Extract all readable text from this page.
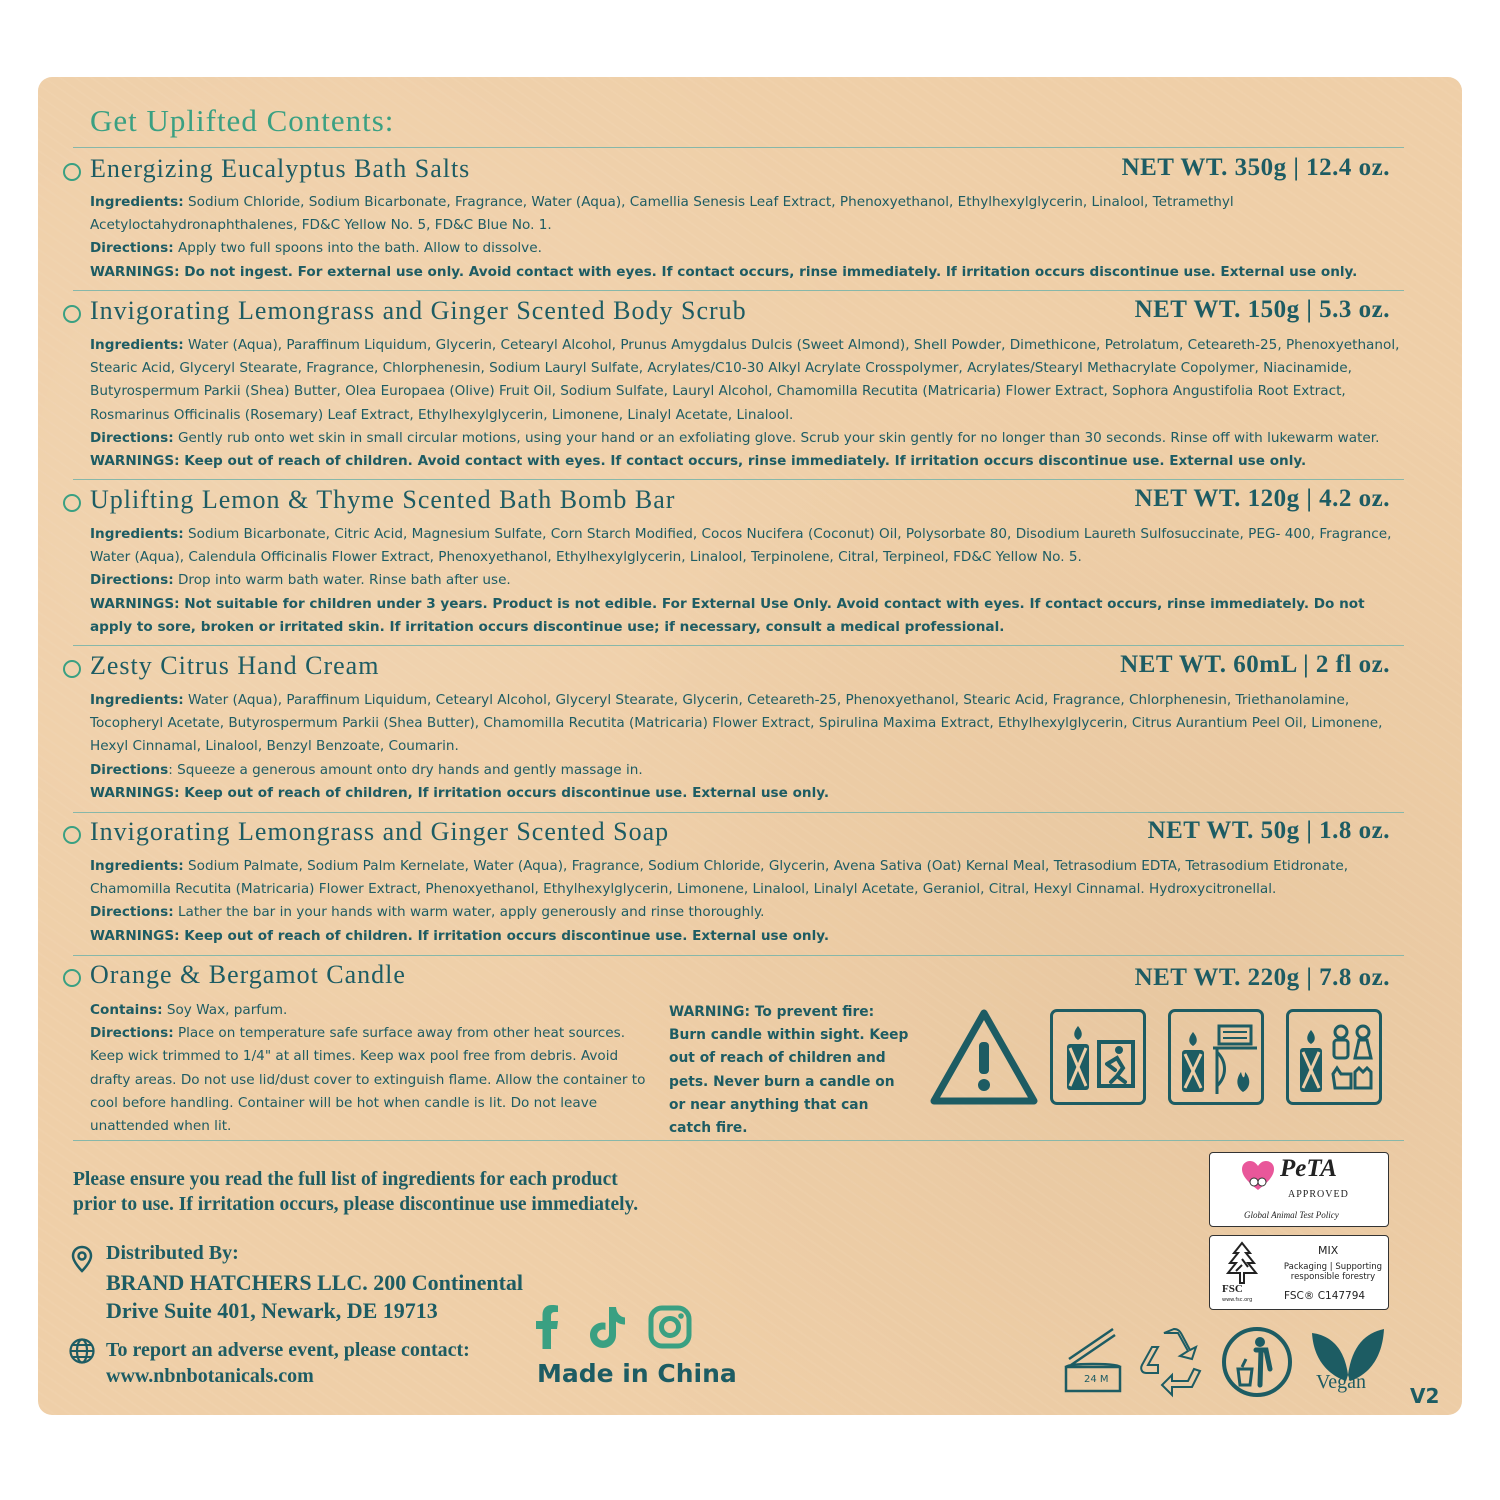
Get Uplifted Contents:
Energizing Eucalyptus Bath Salts	NET WT. 350g | 12.4 oz.

Ingredients: Sodium Chloride, Sodium Bicarbonate, Fragrance, Water (Aqua), Camellia Senesis Leaf Extract, Phenoxyethanol, Ethylhexylglycerin, Linalool, Tetramethyl Acetyloctahydronaphthalenes, FD&C Yellow No. 5, FD&C Blue No. 1.

Directions: Apply two full spoons into the bath. Allow to dissolve.

WARNINGS: Do not ingest. For external use only. Avoid contact with eyes. If contact occurs, rinse immediately. If irritation occurs discontinue use. External use only.

Invigorating Lemongrass and Ginger Scented Body Scrub	NET WT. 150g | 5.3 oz.

Ingredients: Water (Aqua), Paraffinum Liquidum, Glycerin, Cetearyl Alcohol, Prunus Amygdalus Dulcis (Sweet Almond), Shell Powder, Dimethicone, Petrolatum, Ceteareth-25, Phenoxyethanol, Stearic Acid, Glyceryl Stearate, Fragrance, Chlorphenesin, Sodium Lauryl Sulfate, Acrylates/C10-30 Alkyl Acrylate Crosspolymer, Acrylates/Stearyl Methacrylate Copolymer, Niacinamide, Butyrospermum Parkii (Shea) Butter, Olea Europaea (Olive) Fruit Oil, Sodium Sulfate, Lauryl Alcohol, Chamomilla Recutita (Matricaria) Flower Extract, Sophora Angustifolia Root Extract, Rosmarinus Officinalis (Rosemary) Leaf Extract, Ethylhexylglycerin, Limonene, Linalyl Acetate, Linalool.

Directions: Gently rub onto wet skin in small circular motions, using your hand or an exfoliating glove. Scrub your skin gently for no longer than 30 seconds. Rinse off with lukewarm water.

WARNINGS: Keep out of reach of children. Avoid contact with eyes. If contact occurs, rinse immediately. If irritation occurs discontinue use. External use only.

Uplifting Lemon & Thyme Scented Bath Bomb Bar	NET WT. 120g | 4.2 oz.

Ingredients: Sodium Bicarbonate, Citric Acid, Magnesium Sulfate, Corn Starch Modified, Cocos Nucifera (Coconut) Oil, Polysorbate 80, Disodium Laureth Sulfosuccinate, PEG- 400, Fragrance, Water (Aqua), Calendula Officinalis Flower Extract, Phenoxyethanol, Ethylhexylglycerin, Linalool, Terpinolene, Citral, Terpineol, FD&C Yellow No. 5.

Directions: Drop into warm bath water. Rinse bath after use.

WARNINGS: Not suitable for children under 3 years. Product is not edible. For External Use Only. Avoid contact with eyes. If contact occurs, rinse immediately. Do not apply to sore, broken or irritated skin. If irritation occurs discontinue use; if necessary, consult a medical professional.

Zesty Citrus Hand Cream	NET WT. 60mL | 2 fl oz.

Ingredients: Water (Aqua), Paraffinum Liquidum, Cetearyl Alcohol, Glyceryl Stearate, Glycerin, Ceteareth-25, Phenoxyethanol, Stearic Acid, Fragrance, Chlorphenesin, Triethanolamine, Tocopheryl Acetate, Butyrospermum Parkii (Shea Butter), Chamomilla Recutita (Matricaria) Flower Extract, Spirulina Maxima Extract, Ethylhexylglycerin, Citrus Aurantium Peel Oil, Limonene, Hexyl Cinnamal, Linalool, Benzyl Benzoate, Coumarin.

Directions: Squeeze a generous amount onto dry hands and gently massage in.

WARNINGS: Keep out of reach of children, If irritation occurs discontinue use. External use only.

Invigorating Lemongrass and Ginger Scented Soap	NET WT. 50g | 1.8 oz.

Ingredients: Sodium Palmate, Sodium Palm Kernelate, Water (Aqua), Fragrance, Sodium Chloride, Glycerin, Avena Sativa (Oat) Kernal Meal, Tetrasodium EDTA, Tetrasodium Etidronate, Chamomilla Recutita (Matricaria) Flower Extract, Phenoxyethanol, Ethylhexylglycerin, Limonene, Linalool, Linalyl Acetate, Geraniol, Citral, Hexyl Cinnamal. Hydroxycitronellal.

Directions: Lather the bar in your hands with warm water, apply generously and rinse thoroughly.

WARNINGS: Keep out of reach of children. If irritation occurs discontinue use. External use only.

Orange & Bergamot Candle	NET WT. 220g | 7.8 oz.

Contains: Soy Wax, parfum.

Directions: Place on temperature safe surface away from other heat sources. Keep wick trimmed to 1/4" at all times. Keep wax pool free from debris. Avoid drafty areas. Do not use lid/dust cover to extinguish flame. Allow the container to cool before handling. Container will be hot when candle is lit. Do not leave unattended when lit.

WARNING: To prevent fire: Burn candle within sight. Keep out of reach of children and pets. Never burn a candle on or near anything that can catch fire.
Please ensure you read the full list of ingredients for each product
prior to use. If irritation occurs, please discontinue use immediately.
Distributed By:
BRAND HATCHERS LLC. 200 Continental
Drive Suite 401, Newark, DE 19713
To report an adverse event, please contact:
www.nbnbotanicals.com	Made in China
PeTA
APPROVED
Global Animal Test Policy
FSC
www.fsc.org
MIX
Packaging | Supporting
responsible forestry
FSC® C147794
24 M	Vegan
V2
